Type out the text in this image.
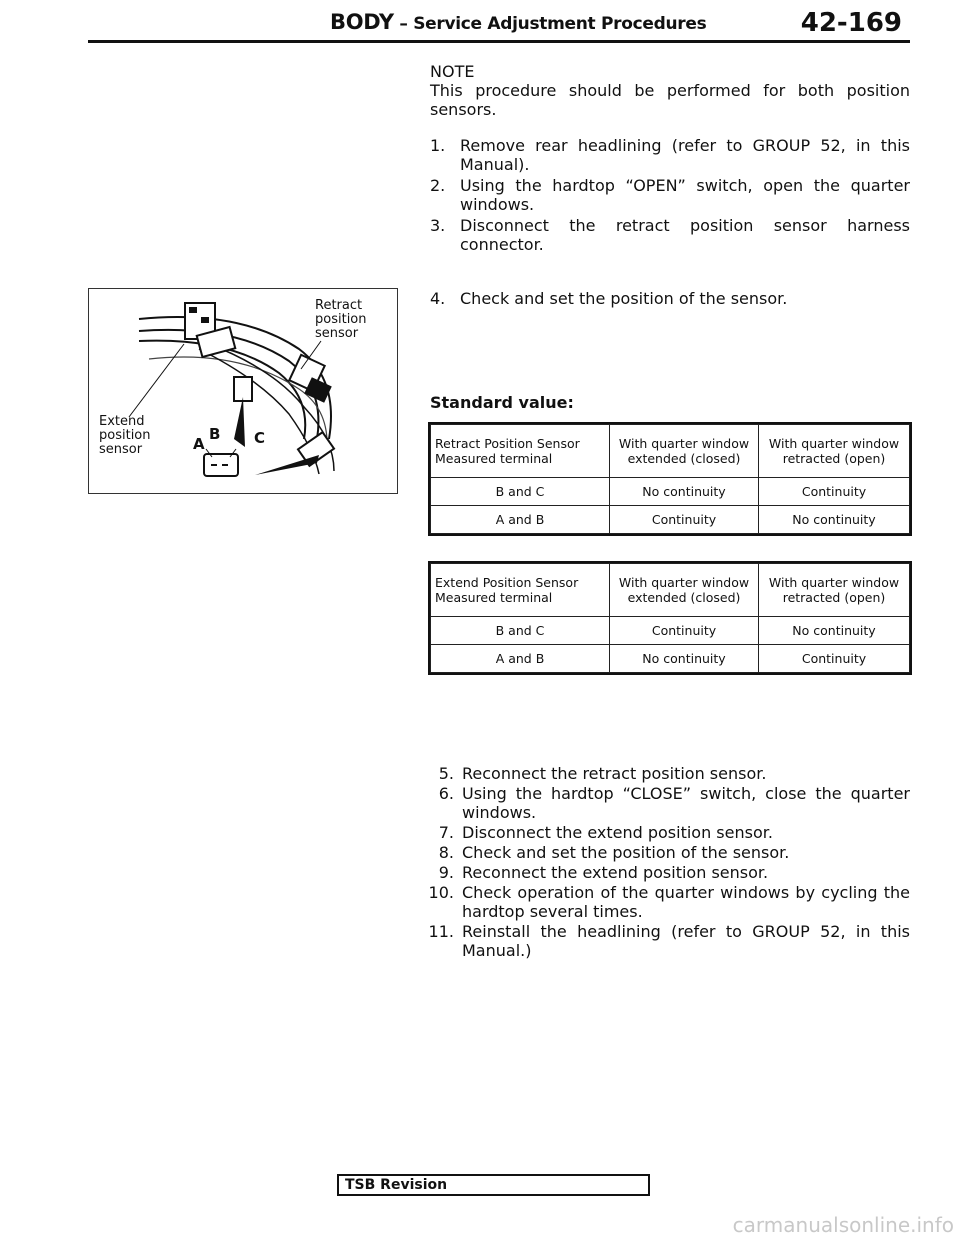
BODY – Service Adjustment Procedures	42-169
NOTE
This procedure should be performed for both position sensors.
1. Remove rear headlining (refer to GROUP 52, in this Manual).
2. Using the hardtop “OPEN” switch, open the quarter windows.
3. Disconnect the retract position sensor harness connector.
4. Check and set the position of the sensor.
Retract position sensor
Extend position sensor	A
B C
Standard value:
Retract Position Sensor
Measured terminal	With quarter window extended (closed)	With quarter window retracted (open)
B and C	No continuity	Continuity
A and B	Continuity	No continuity
Extend Position Sensor
Measured terminal	With quarter window extended (closed)	With quarter window retracted (open)
B and C	Continuity	No continuity
A and B	No continuity	Continuity
5. Reconnect the retract position sensor.
6. Using the hardtop “CLOSE” switch, close the quarter windows.
7. Disconnect the extend position sensor.
8. Check and set the position of the sensor.
9. Reconnect the extend position sensor.
10. Check operation of the quarter windows by cycling the hardtop several times.
11. Reinstall the headlining (refer to GROUP 52, in this Manual.)
TSB Revision
carmanualsonline.info
